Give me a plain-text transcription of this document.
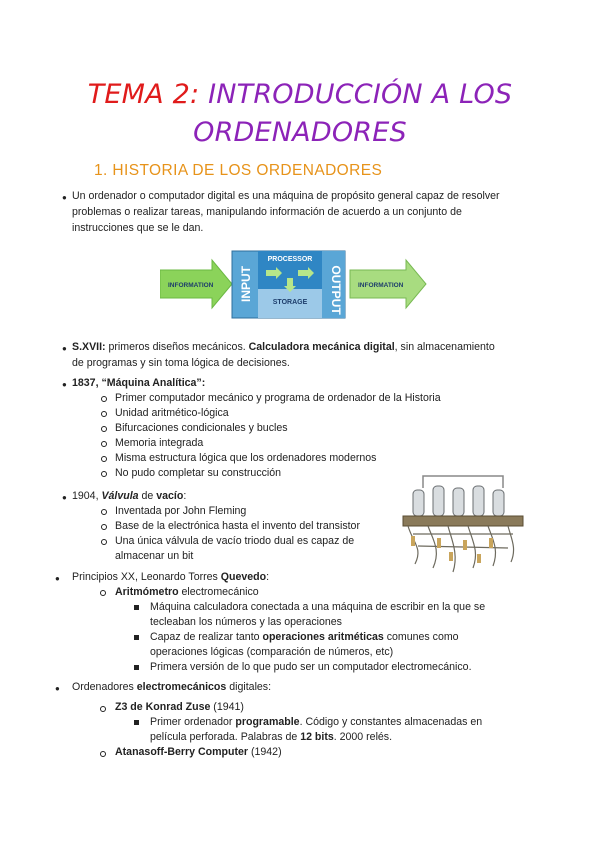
TEMA 2: INTRODUCCIÓN A LOS
ORDENADORES
1. HISTORIA DE LOS ORDENADORES
● Un ordenador o computador digital es una máquina de propósito general capaz de resolver
problemas o realizar tareas, manipulando información de acuerdo a un conjunto de
instrucciones que se le dan.
INFORMATION INPUT
PROCESSOR
STORAGE OUTPUT INFORMATION
● S.XVII: primeros diseños mecánicos. Calculadora mecánica digital, sin almacenamiento
de programas y sin toma lógica de decisiones.
● 1837, “Máquina Analítica”:
Primer computador mecánico y programa de ordenador de la Historia
Unidad aritmético-lógica
Bifurcaciones condicionales y bucles
Memoria integrada
Misma estructura lógica que los ordenadores modernos
No pudo completar su construcción
● 1904, Válvula de vacío:
Inventada por John Fleming
Base de la electrónica hasta el invento del transistor
Una única válvula de vacío triodo dual es capaz de
almacenar un bit
● Principios XX, Leonardo Torres Quevedo:
Aritmómetro electromecánico
Máquina calculadora conectada a una máquina de escribir en la que se
tecleaban los números y las operaciones
Capaz de realizar tanto operaciones aritméticas comunes como
operaciones lógicas (comparación de números, etc)
Primera versión de lo que pudo ser un computador electromecánico.
● Ordenadores electromecánicos digitales:
Z3 de Konrad Zuse (1941)
Primer ordenador programable. Código y constantes almacenadas en
película perforada. Palabras de 12 bits. 2000 relés.
Atanasoff-Berry Computer (1942)
